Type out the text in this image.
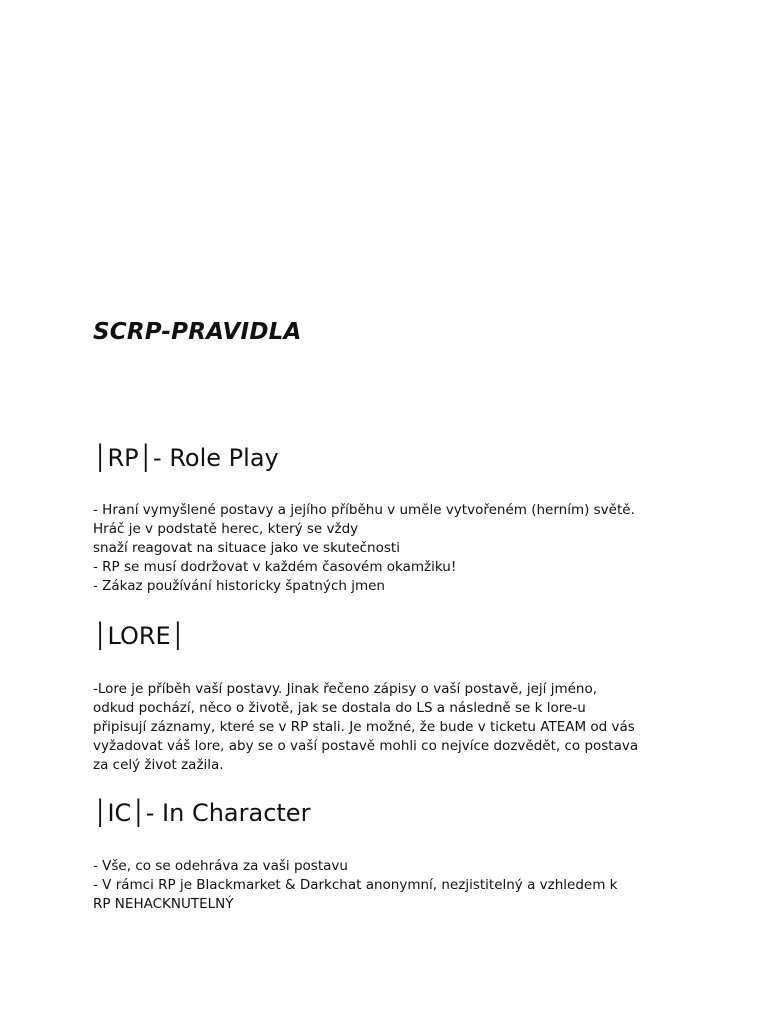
SCRP-PRAVIDLA
│RP│- Role Play
- Hraní vymyšlené postavy a jejího příběhu v uměle vytvořeném (herním) světě.
Hráč je v podstatě herec, který se vždy
snaží reagovat na situace jako ve skutečnosti
- RP se musí dodržovat v každém časovém okamžiku!
- Zákaz používání historicky špatných jmen
│LORE│
-Lore je příběh vaší postavy. Jinak řečeno zápisy o vaší postavě, její jméno,
odkud pochází, něco o životě, jak se dostala do LS a následně se k lore-u
připisují záznamy, které se v RP stali. Je možné, že bude v ticketu ATEAM od vás
vyžadovat váš lore, aby se o vaší postavě mohli co nejvíce dozvědět, co postava
za celý život zažila.
│IC│- In Character
- Vše, co se odehráva za vaši postavu
- V rámci RP je Blackmarket & Darkchat anonymní, nezjistitelný a vzhledem k
RP NEHACKNUTELNÝ
